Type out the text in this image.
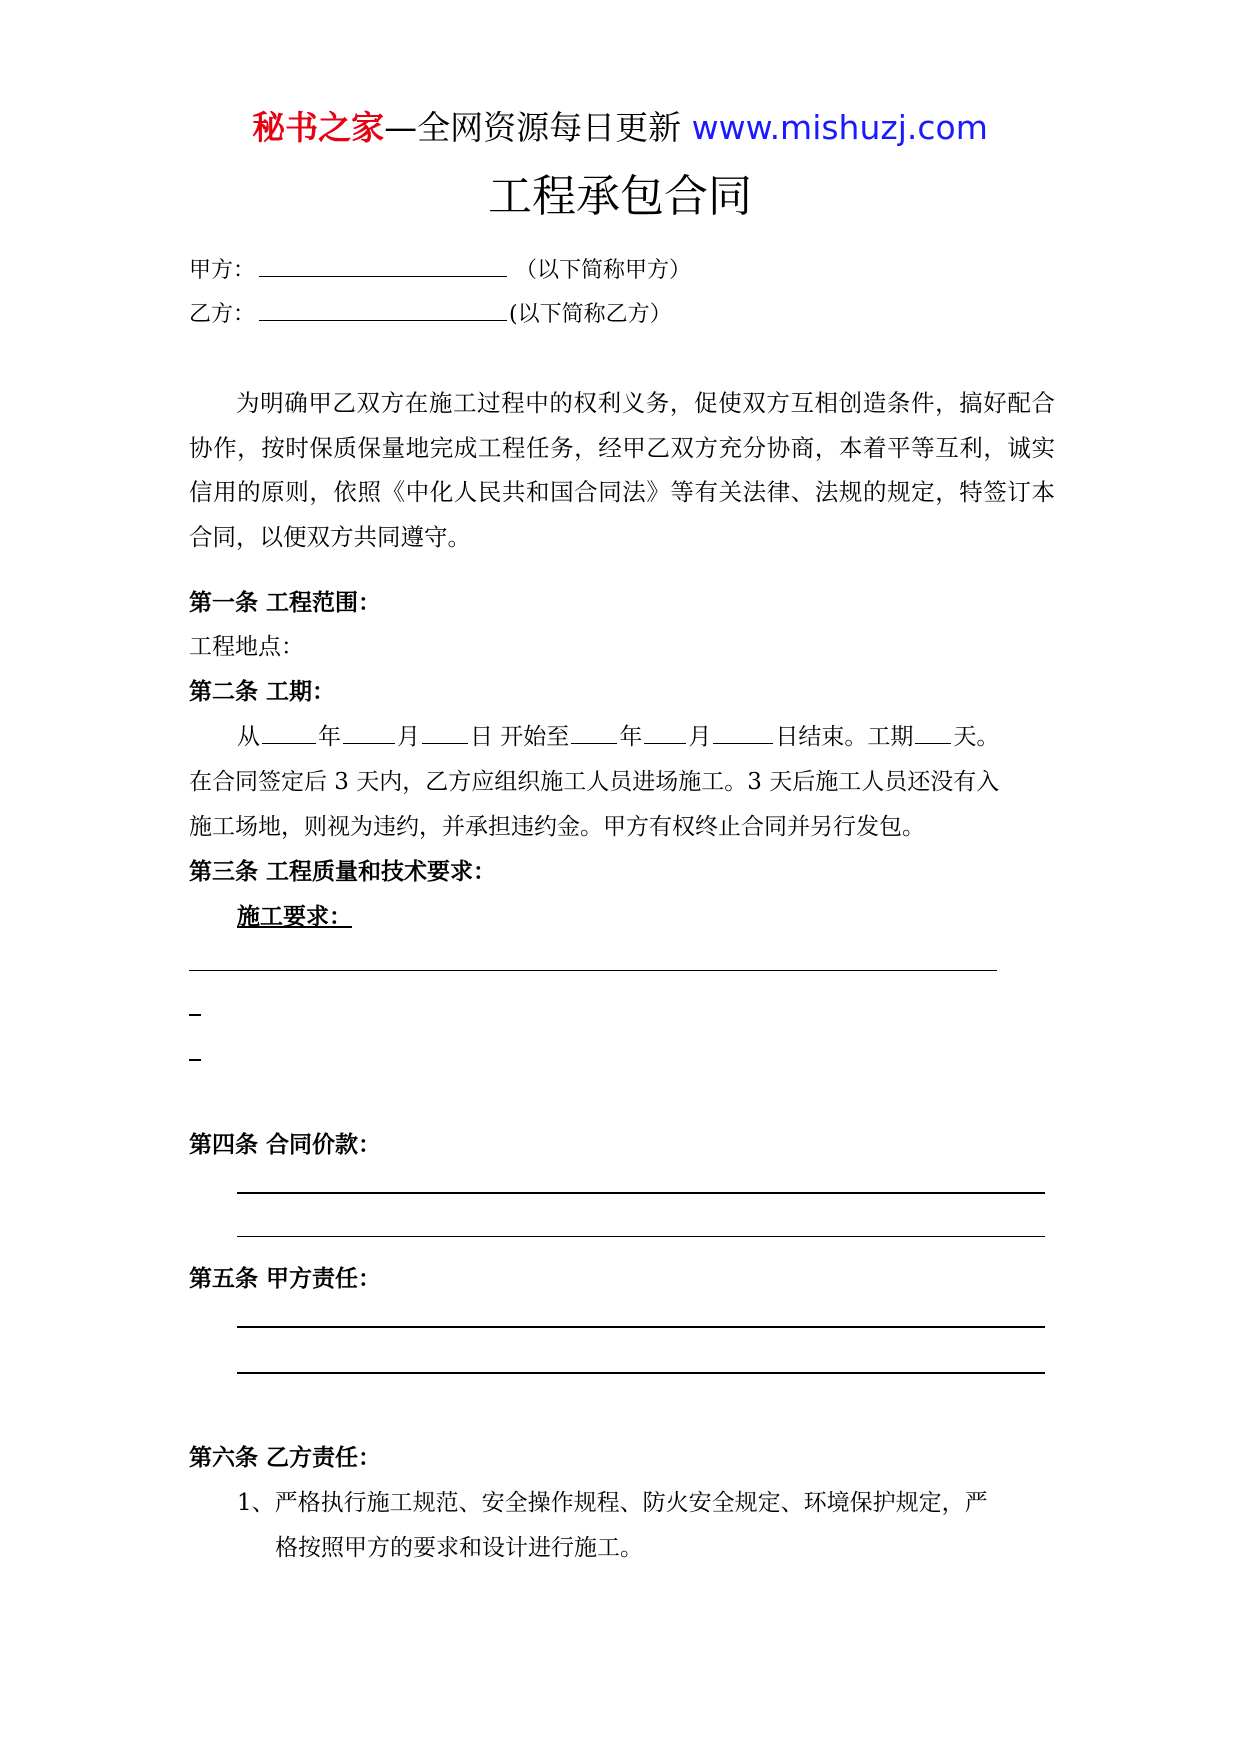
秘书之家—全网资源每日更新 www.mishuzj.com
工程承包合同
甲方：	（以下简称甲方）
乙方：	(以下简称乙方）
为明确甲乙双方在施工过程中的权利义务，促使双方互相创造条件，搞好配合协作，按时保质保量地完成工程任务，经甲乙双方充分协商，本着平等互利，诚实信用的原则，依照《中化人民共和国合同法》等有关法律、法规的规定，特签订本合同，以便双方共同遵守。
第一条 工程范围：
工程地点：
第二条 工期：
从	年 月 日 开始至 年 月	日结束。工期 天。
在合同签定后 3 天内，乙方应组织施工人员进场施工。3 天后施工人员还没有入
施工场地，则视为违约，并承担违约金。甲方有权终止合同并另行发包。
第三条 工程质量和技术要求：
施工要求：
第四条 合同价款：
第五条 甲方责任：
第六条 乙方责任：
1、严格执行施工规范、安全操作规程、防火安全规定、环境保护规定，严
格按照甲方的要求和设计进行施工。
